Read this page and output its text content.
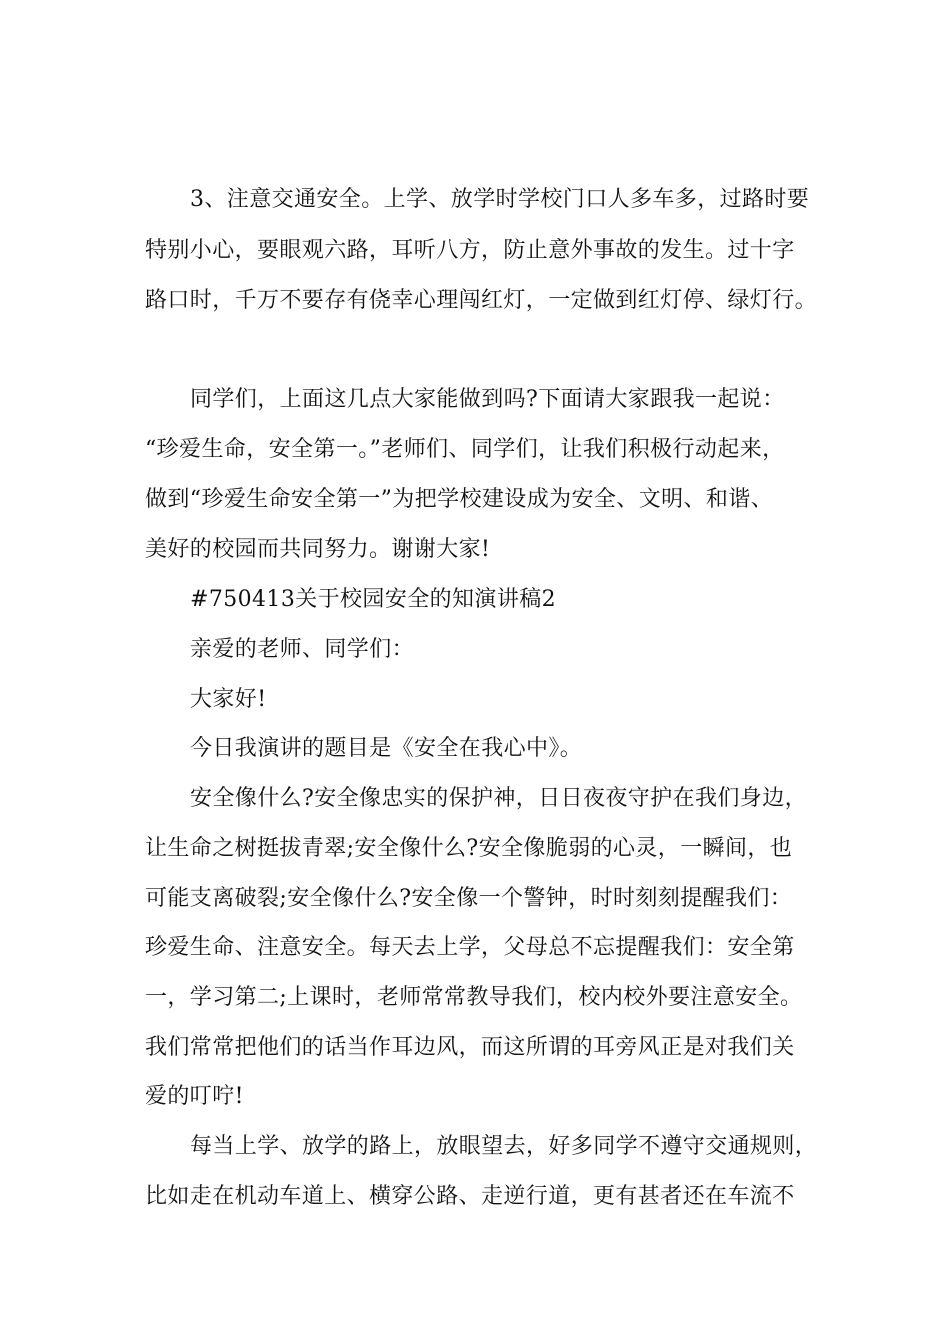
3、注意交通安全。上学、放学时学校门口人多车多，过路时要
特别小心，要眼观六路，耳听八方，防止意外事故的发生。过十字
路口时，千万不要存有侥幸心理闯红灯，一定做到红灯停、绿灯行。
同学们，上面这几点大家能做到吗?下面请大家跟我一起说：
“珍爱生命，安全第一。”老师们、同学们，让我们积极行动起来，
做到“珍爱生命安全第一”为把学校建设成为安全、文明、和谐、
美好的校园而共同努力。谢谢大家!
#750413关于校园安全的知演讲稿2
亲爱的老师、同学们：
大家好!
今日我演讲的题目是《安全在我心中》。
安全像什么?安全像忠实的保护神，日日夜夜守护在我们身边，
让生命之树挺拔青翠;安全像什么?安全像脆弱的心灵，一瞬间，也
可能支离破裂;安全像什么?安全像一个警钟，时时刻刻提醒我们：
珍爱生命、注意安全。每天去上学，父母总不忘提醒我们：安全第
一，学习第二;上课时，老师常常教导我们，校内校外要注意安全。
我们常常把他们的话当作耳边风，而这所谓的耳旁风正是对我们关
爱的叮咛!
每当上学、放学的路上，放眼望去，好多同学不遵守交通规则，
比如走在机动车道上、横穿公路、走逆行道，更有甚者还在车流不
